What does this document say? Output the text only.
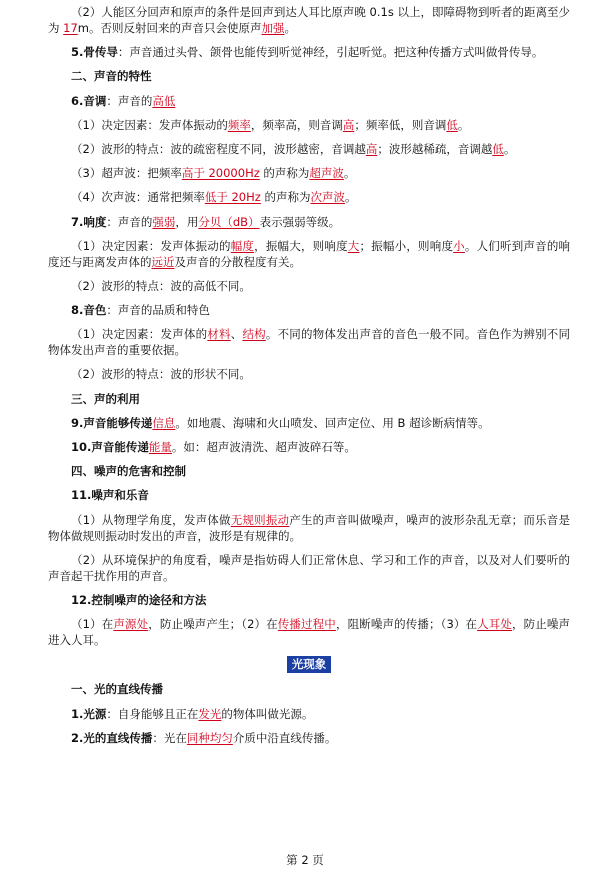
（2）人能区分回声和原声的条件是回声到达人耳比原声晚 0.1s 以上，即障碍物到听者的距离至少为 17m。否则反射回来的声音只会使原声加强。

5.骨传导：声音通过头骨、颌骨也能传到听觉神经，引起听觉。把这种传播方式叫做骨传导。

二、声音的特性

6.音调：声音的高低

（1）决定因素：发声体振动的频率，频率高，则音调高；频率低，则音调低。

（2）波形的特点：波的疏密程度不同，波形越密，音调越高；波形越稀疏，音调越低。

（3）超声波：把频率高于 20000Hz 的声称为超声波。

（4）次声波：通常把频率低于 20Hz 的声称为次声波。

7.响度：声音的强弱，用分贝（dB）表示强弱等级。

（1）决定因素：发声体振动的幅度，振幅大，则响度大；振幅小，则响度小。人们听到声音的响度还与距离发声体的远近及声音的分散程度有关。

（2）波形的特点：波的高低不同。

8.音色：声音的品质和特色

（1）决定因素：发声体的材料、结构。不同的物体发出声音的音色一般不同。音色作为辨别不同物体发出声音的重要依据。

（2）波形的特点：波的形状不同。

三、声的利用

9.声音能够传递信息。如地震、海啸和火山喷发、回声定位、用 B 超诊断病情等。

10.声音能传递能量。如：超声波清洗、超声波碎石等。

四、噪声的危害和控制

11.噪声和乐音

（1）从物理学角度，发声体做无规则振动产生的声音叫做噪声，噪声的波形杂乱无章；而乐音是物体做规则振动时发出的声音，波形是有规律的。

（2）从环境保护的角度看，噪声是指妨碍人们正常休息、学习和工作的声音，以及对人们要听的声音起干扰作用的声音。

12.控制噪声的途径和方法

（1）在声源处，防止噪声产生；（2）在传播过程中，阻断噪声的传播；（3）在人耳处，防止噪声进入人耳。

光现象

一、光的直线传播

1.光源：自身能够且正在发光的物体叫做光源。

2.光的直线传播：光在同种均匀介质中沿直线传播。

第 2 页
